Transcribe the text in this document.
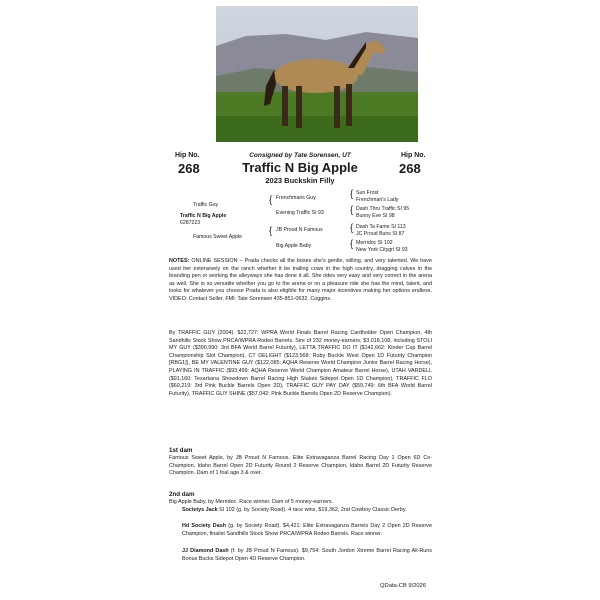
Consigned by Tate Sorensen, UT
Hip No.
268
Hip No.
268
Traffic N Big Apple
2023 Buckskin Filly
Traffic Guy
Traffic N Big Apple
6287223
Famous Sweet Apple
{ Frenchmans Guy
Evening Traffic SI 93
{ JB Proud N Famous
Big Apple Baby
{ Sun Frost
Frenchman's Lady
{ Dash Thru Traffic SI 95
Bunny Eve SI 98
{ Dash Ta Fame SI 113
JC Proud Buns SI 87
{ Merridoc SI 102
New York Citygrl SI 93
NOTES: ONLINE SESSION – Prada checks all the boxes she's gentle, willing, and very talented. We have used her extensively on the ranch whether it be trailing cows in the high country, dragging calves in the branding pen or working the alleyways she has done it all. She rides very easy and very correct in the arena as well. She is so versatile whether you go to the arena or on a pleasure ride she has the mind, talent, and looks for whatever you choose Prada is also eligible for many major incentives making her options endless. VIDEO: Contact Seller. FMI: Tate Sorensen 435-851-0632. Coggins.
By TRAFFIC GUY (2004). $22,727: WPRA World Finals Barrel Racing Cardholder Open Champion, 4th Sandhills Stock Show PRCA/WPRA Rodeo Barrels. Sire of 232 money-earners, $3,018,108, including STOLI MY GUY ($390,990: 3rd BFA World Barrel Futurity), LETTA TRAFFIC DO IT ($142,662: Kinder Cup Barrel Championship Slot Champion), CT DELIGHT ($123,568: Ruby Buckle West Open 1D Futurity Champion [RBG1]), BE MY VALENTINE GUY ($122,085: AQHA Reserve World Champion Junior Barrel Racing Horse), PLAYING IN TRAFFIC ($93,499: AQHA Reserve World Champion Amateur Barrel Horse), UTAH VARDELL ($91,160: Texarkana Showdown Barrel Racing High Stakes Sidepot Open 1D Champion), TRAFFIC FLO ($60,219: 3rd Pink Buckle Barrels Open 2D), TRAFFIC GUY PAY DAY ($59,749: 6th BFA World Barrel Futurity), TRAFFIC GUY SHINE ($57,042: Pink Buckle Barrels Open 2D Reserve Champion).
1st dam
Famous Sweet Apple, by JB Proud N Famous. Elite Extravaganza Barrel Racing Day 1 Open 6D Co-Champion, Idaho Barrel Open 2D Futurity Round 2 Reserve Champion, Idaho Barrel 2D Futurity Reserve Champion. Dam of 1 foal age 3 & over.
2nd dam
Big Apple Baby, by Merridoc. Race winner. Dam of 5 money-earners.
Societys Jack SI 102 (g. by Society Road). 4 race wins, $19,362, 2nd Cowboy Classic Derby.
Hd Society Dash (g. by Society Road). $4,421: Elite Extravaganza Barrels Day 2 Open 2D Reserve Champion, finalist Sandhills Stock Show PRCA/WPRA Rodeo Barrels. Race winner.
JJ Diamond Dash (f. by JB Proud N Famous). $9,754: South Jordon Xtreme Barrel Racing All-Runs Bonus Bucks Sidepot Open 4D Reserve Champion.
QData-CB 9/2026
